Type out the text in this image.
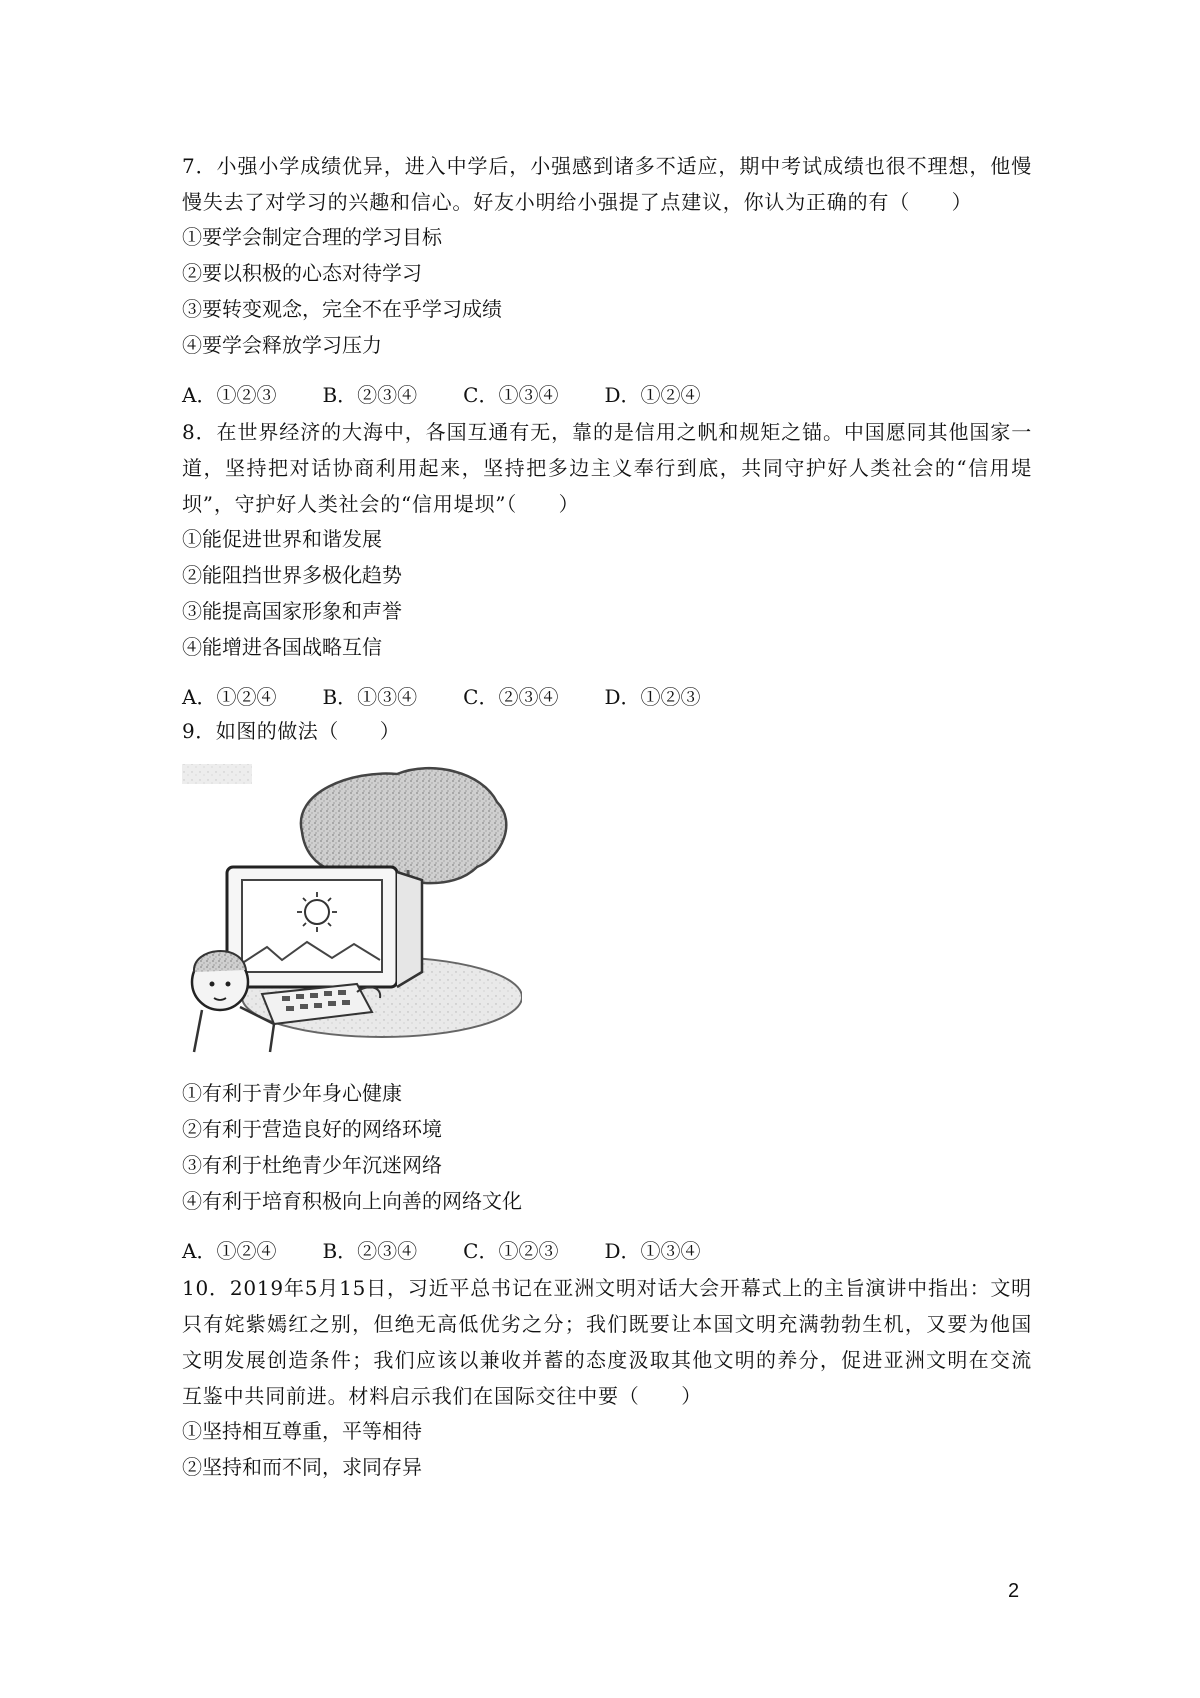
7．小强小学成绩优异，进入中学后，小强感到诸多不适应，期中考试成绩也很不理想，他慢慢失去了对学习的兴趣和信心。好友小明给小强提了点建议，你认为正确的有（　　）

①要学会制定合理的学习目标

②要以积极的心态对待学习

③要转变观念，完全不在乎学习成绩

④要学会释放学习压力

A．①②③ B．②③④ C．①③④ D．①②④

8．在世界经济的大海中，各国互通有无，靠的是信用之帆和规矩之锚。中国愿同其他国家一道，坚持把对话协商利用起来，坚持把多边主义奉行到底，共同守护好人类社会的“信用堤坝”，守护好人类社会的“信用堤坝”（　　）

①能促进世界和谐发展

②能阻挡世界多极化趋势

③能提高国家形象和声誉

④能增进各国战略互信

A．①②④ B．①③④ C．②③④ D．①②③

9．如图的做法（　　）

①有利于青少年身心健康

②有利于营造良好的网络环境

③有利于杜绝青少年沉迷网络

④有利于培育积极向上向善的网络文化

A．①②④ B．②③④ C．①②③ D．①③④

10．2019年5月15日，习近平总书记在亚洲文明对话大会开幕式上的主旨演讲中指出：文明只有姹紫嫣红之别，但绝无高低优劣之分；我们既要让本国文明充满勃勃生机，又要为他国文明发展创造条件；我们应该以兼收并蓄的态度汲取其他文明的养分，促进亚洲文明在交流互鉴中共同前进。材料启示我们在国际交往中要（　　）

①坚持相互尊重，平等相待

②坚持和而不同，求同存异

2
